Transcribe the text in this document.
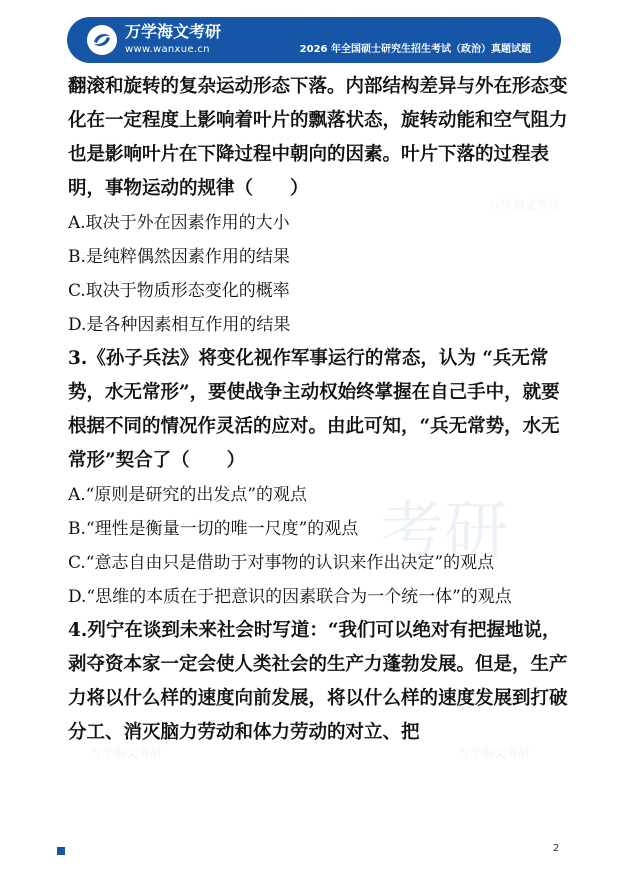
万学海文考研
www.wanxue.cn	2026 年全国硕士研究生招生考试（政治）真题试题
万学海文考研
考研
万学海文考研	万学海文考研

翻滚和旋转的复杂运动形态下落。内部结构差异与外在形态变化在一定程度上影响着叶片的飘落状态，旋转动能和空气阻力也是影响叶片在下降过程中朝向的因素。叶片下落的过程表明，事物运动的规律（　　）

A.取决于外在因素作用的大小

B.是纯粹偶然因素作用的结果

C.取决于物质形态变化的概率

D.是各种因素相互作用的结果

3.《孙子兵法》将变化视作军事运行的常态，认为 “兵无常势，水无常形”，要使战争主动权始终掌握在自己手中，就要根据不同的情况作灵活的应对。由此可知，“兵无常势，水无常形”契合了（　　）

A.“原则是研究的出发点”的观点

B.“理性是衡量一切的唯一尺度”的观点

C.“意志自由只是借助于对事物的认识来作出决定”的观点

D.“思维的本质在于把意识的因素联合为一个统一体”的观点

4.列宁在谈到未来社会时写道：“我们可以绝对有把握地说，剥夺资本家一定会使人类社会的生产力蓬勃发展。但是，生产力将以什么样的速度向前发展，将以什么样的速度发展到打破分工、消灭脑力劳动和体力劳动的对立、把

2
